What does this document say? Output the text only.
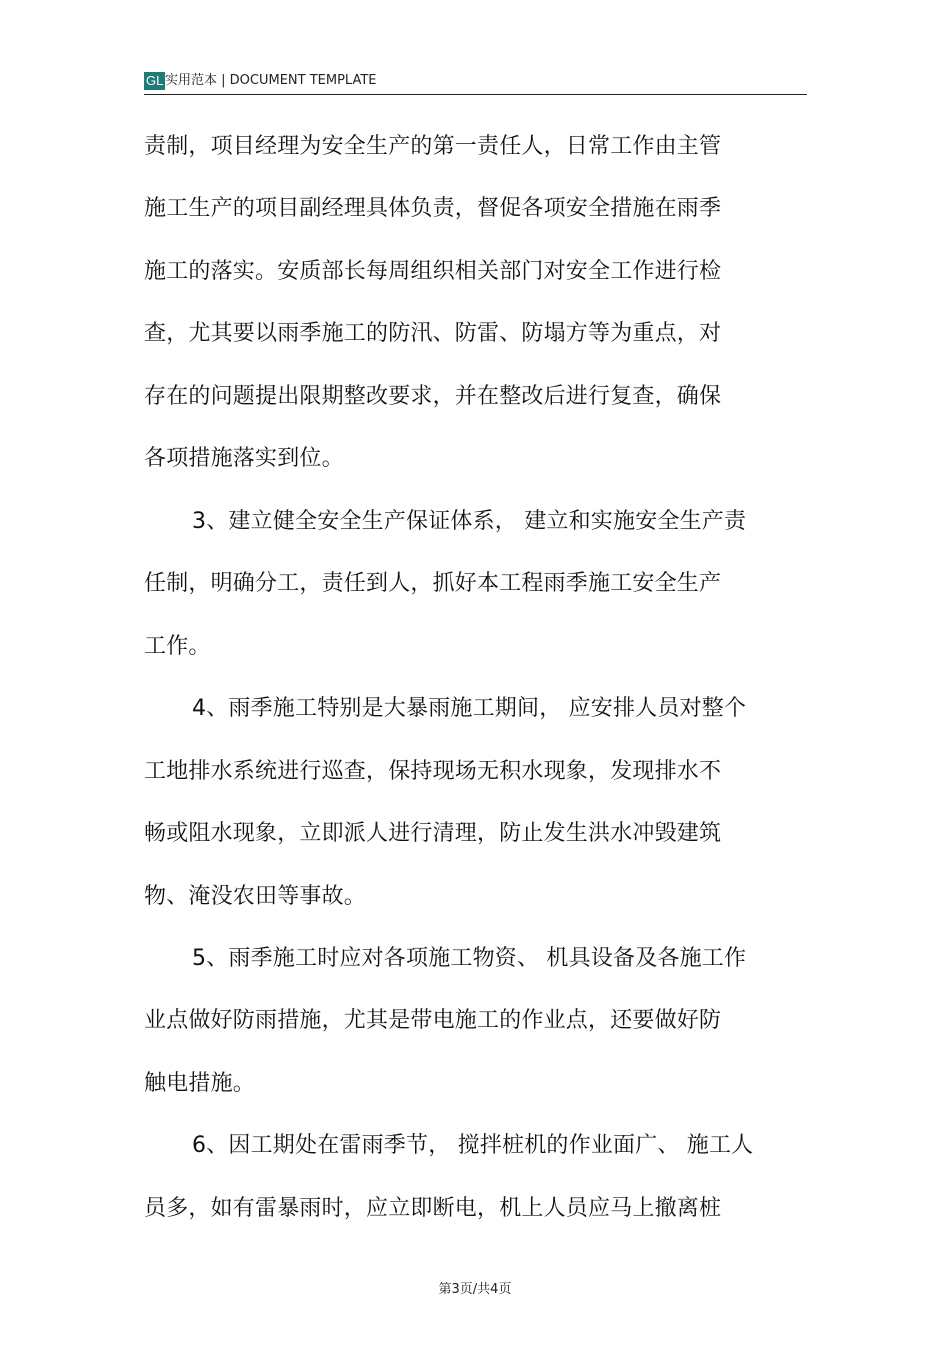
GL 实用范本 | DOCUMENT TEMPLATE
责制，项目经理为安全生产的第一责任人，日常工作由主管
施工生产的项目副经理具体负责，督促各项安全措施在雨季
施工的落实。安质部长每周组织相关部门对安全工作进行检
查，尤其要以雨季施工的防汛、防雷、防塌方等为重点，对
存在的问题提出限期整改要求，并在整改后进行复查，确保
各项措施落实到位。
3、建立健全安全生产保证体系， 建立和实施安全生产责
任制，明确分工，责任到人，抓好本工程雨季施工安全生产
工作。
4、雨季施工特别是大暴雨施工期间， 应安排人员对整个
工地排水系统进行巡查，保持现场无积水现象，发现排水不
畅或阻水现象，立即派人进行清理，防止发生洪水冲毁建筑
物、淹没农田等事故。
5、雨季施工时应对各项施工物资、 机具设备及各施工作
业点做好防雨措施，尤其是带电施工的作业点，还要做好防
触电措施。
6、因工期处在雷雨季节， 搅拌桩机的作业面广、 施工人
员多，如有雷暴雨时，应立即断电，机上人员应马上撤离桩
第3页/共4页
